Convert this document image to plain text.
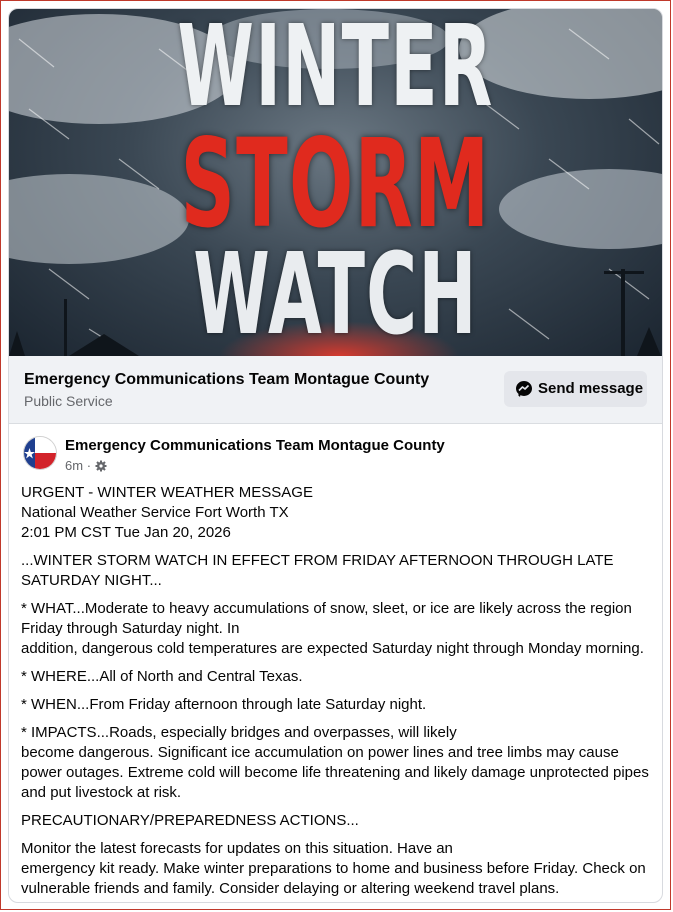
WINTER
STORM
WATCH
Emergency Communications Team Montague County
Public Service
Send message
Emergency Communications Team Montague County
6m ·

URGENT - WINTER WEATHER MESSAGE
National Weather Service Fort Worth TX
2:01 PM CST Tue Jan 20, 2026

...WINTER STORM WATCH IN EFFECT FROM FRIDAY AFTERNOON THROUGH LATE SATURDAY NIGHT...

* WHAT...Moderate to heavy accumulations of snow, sleet, or ice are likely across the region Friday through Saturday night. In
addition, dangerous cold temperatures are expected Saturday night through Monday morning.

* WHERE...All of North and Central Texas.

* WHEN...From Friday afternoon through late Saturday night.

* IMPACTS...Roads, especially bridges and overpasses, will likely
become dangerous. Significant ice accumulation on power lines and tree limbs may cause power outages. Extreme cold will become life threatening and likely damage unprotected pipes and put livestock at risk.

PRECAUTIONARY/PREPAREDNESS ACTIONS...

Monitor the latest forecasts for updates on this situation. Have an
emergency kit ready. Make winter preparations to home and business before Friday. Check on vulnerable friends and family. Consider delaying or altering weekend travel plans.
